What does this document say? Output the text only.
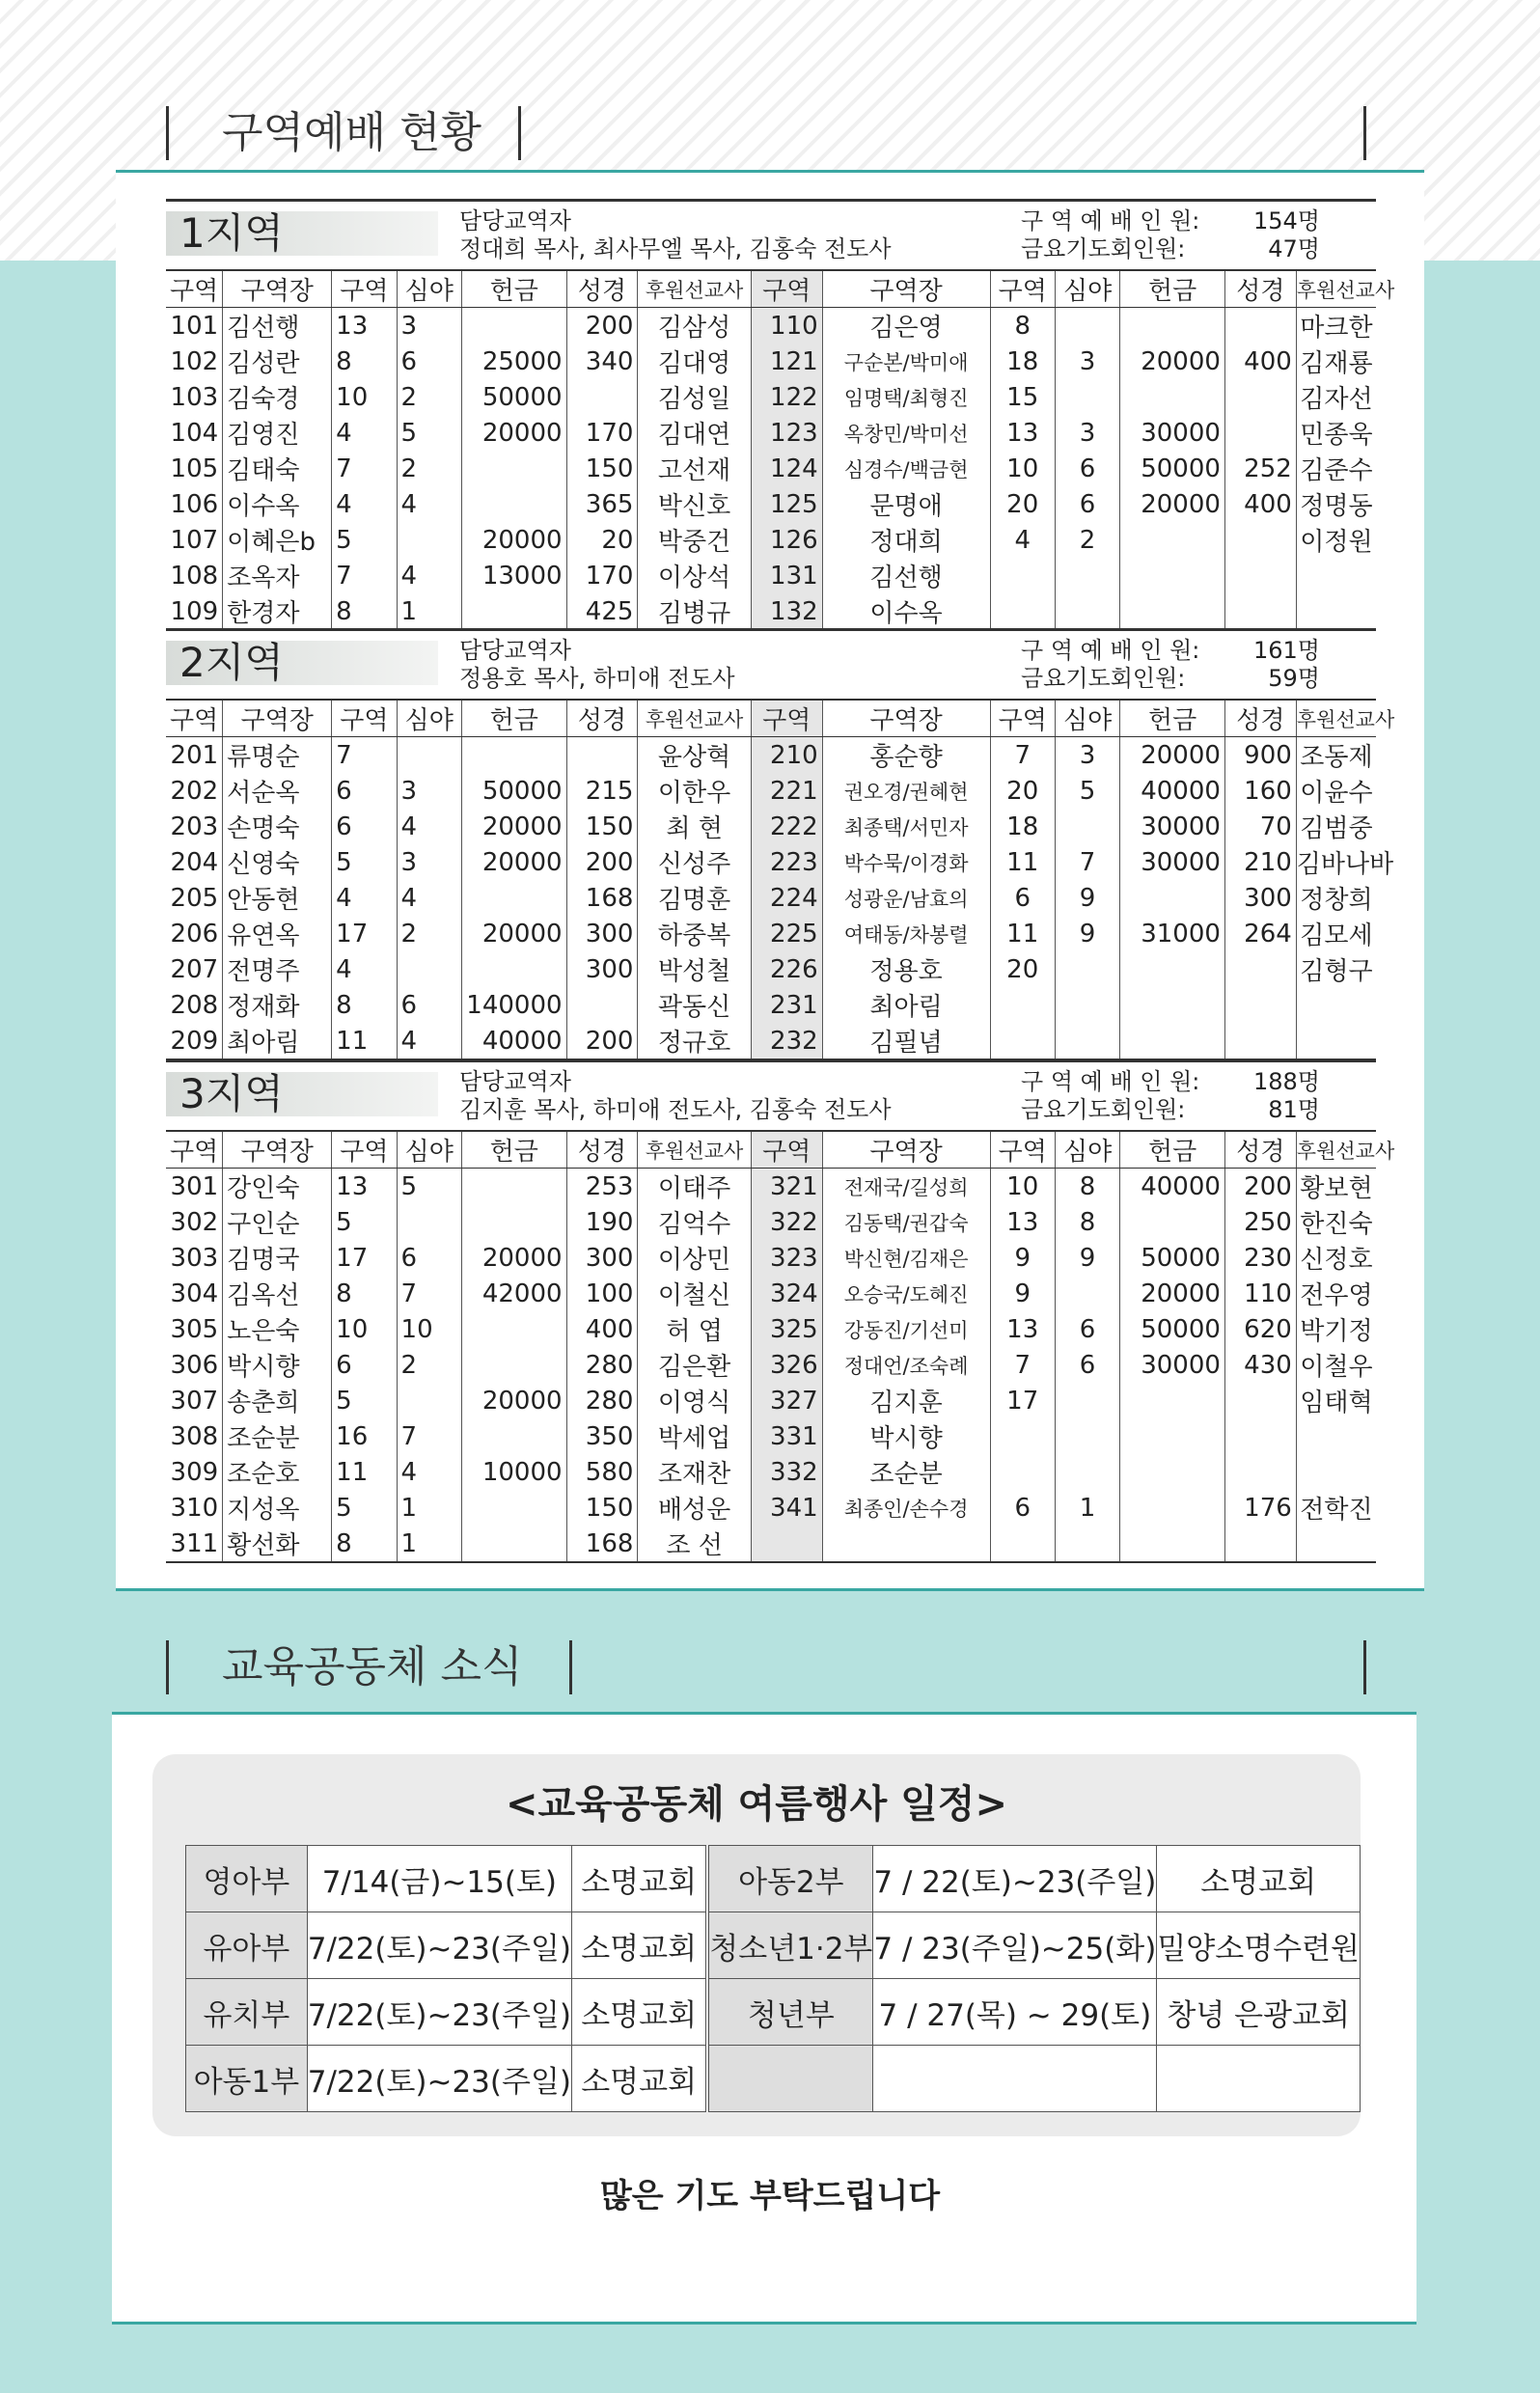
구역예배 현황
1지역	담당교역자
정대희 목사, 최사무엘 목사, 김홍숙 전도사
구 역 예 배 인 원: 154명
금요기도회인원:	47명
구역	구역장	구역	심야	헌금	성경	후원선교사	구역	구역장	구역	심야	헌금	성경	후원선교사
101	김선행	13	3		200	김삼성	110	김은영	8				마크한
102	김성란	8	6	25000	340	김대영	121	구순본/박미애	18	3	20000	400	김재룡
103	김숙경	10	2	50000		김성일	122	임명택/최형진	15				김자선
104	김영진	4	5	20000	170	김대연	123	옥창민/박미선	13	3	30000		민종욱
105	김태숙	7	2		150	고선재	124	심경수/백금현	10	6	50000	252	김준수
106	이수옥	4	4		365	박신호	125	문명애	20	6	20000	400	정명동
107	이혜은b	5		20000	20	박중건	126	정대희	4	2			이정원
108	조옥자	7	4	13000	170	이상석	131	김선행					
109	한경자	8	1		425	김병규	132	이수옥					
2지역	담당교역자
정용호 목사, 하미애 전도사
구 역 예 배 인 원: 161명
금요기도회인원:	59명
구역	구역장	구역	심야	헌금	성경	후원선교사	구역	구역장	구역	심야	헌금	성경	후원선교사
201	류명순	7				윤상혁	210	홍순향	7	3	20000	900	조동제
202	서순옥	6	3	50000	215	이한우	221	권오경/권혜현	20	5	40000	160	이윤수
203	손명숙	6	4	20000	150	최 현	222	최종택/서민자	18		30000	70	김범중
204	신영숙	5	3	20000	200	신성주	223	박수묵/이경화	11	7	30000	210	김바나바
205	안동현	4	4		168	김명훈	224	성광운/남효의	6	9		300	정창희
206	유연옥	17	2	20000	300	하중복	225	여태동/차봉렬	11	9	31000	264	김모세
207	전명주	4			300	박성철	226	정용호	20				김형구
208	정재화	8	6	140000		곽동신	231	최아림					
209	최아림	11	4	40000	200	정규호	232	김필념					
3지역	담당교역자
김지훈 목사, 하미애 전도사, 김홍숙 전도사
구 역 예 배 인 원: 188명
금요기도회인원:	81명
구역	구역장	구역	심야	헌금	성경	후원선교사	구역	구역장	구역	심야	헌금	성경	후원선교사
301	강인숙	13	5		253	이태주	321	전재국/길성희	10	8	40000	200	황보현
302	구인순	5			190	김억수	322	김동택/권갑숙	13	8		250	한진숙
303	김명국	17	6	20000	300	이상민	323	박신현/김재은	9	9	50000	230	신정호
304	김옥선	8	7	42000	100	이철신	324	오승국/도혜진	9		20000	110	전우영
305	노은숙	10	10		400	허 엽	325	강동진/기선미	13	6	50000	620	박기정
306	박시향	6	2		280	김은환	326	정대언/조숙례	7	6	30000	430	이철우
307	송춘희	5		20000	280	이영식	327	김지훈	17				임태혁
308	조순분	16	7		350	박세업	331	박시향					
309	조순호	11	4	10000	580	조재찬	332	조순분					
310	지성옥	5	1		150	배성운	341	최종인/손수경	6	1		176	전학진
311	황선화	8	1		168	조 선							
교육공동체 소식
<교육공동체 여름행사 일정>
영아부	7/14(금)~15(토)	소명교회	아동2부	7 / 22(토)~23(주일)	소명교회
유아부	7/22(토)~23(주일)	소명교회	청소년1·2부	7 / 23(주일)~25(화)	밀양소명수련원
유치부	7/22(토)~23(주일)	소명교회	청년부	7 / 27(목) ~ 29(토)	창녕 은광교회
아동1부	7/22(토)~23(주일)	소명교회			
많은 기도 부탁드립니다
